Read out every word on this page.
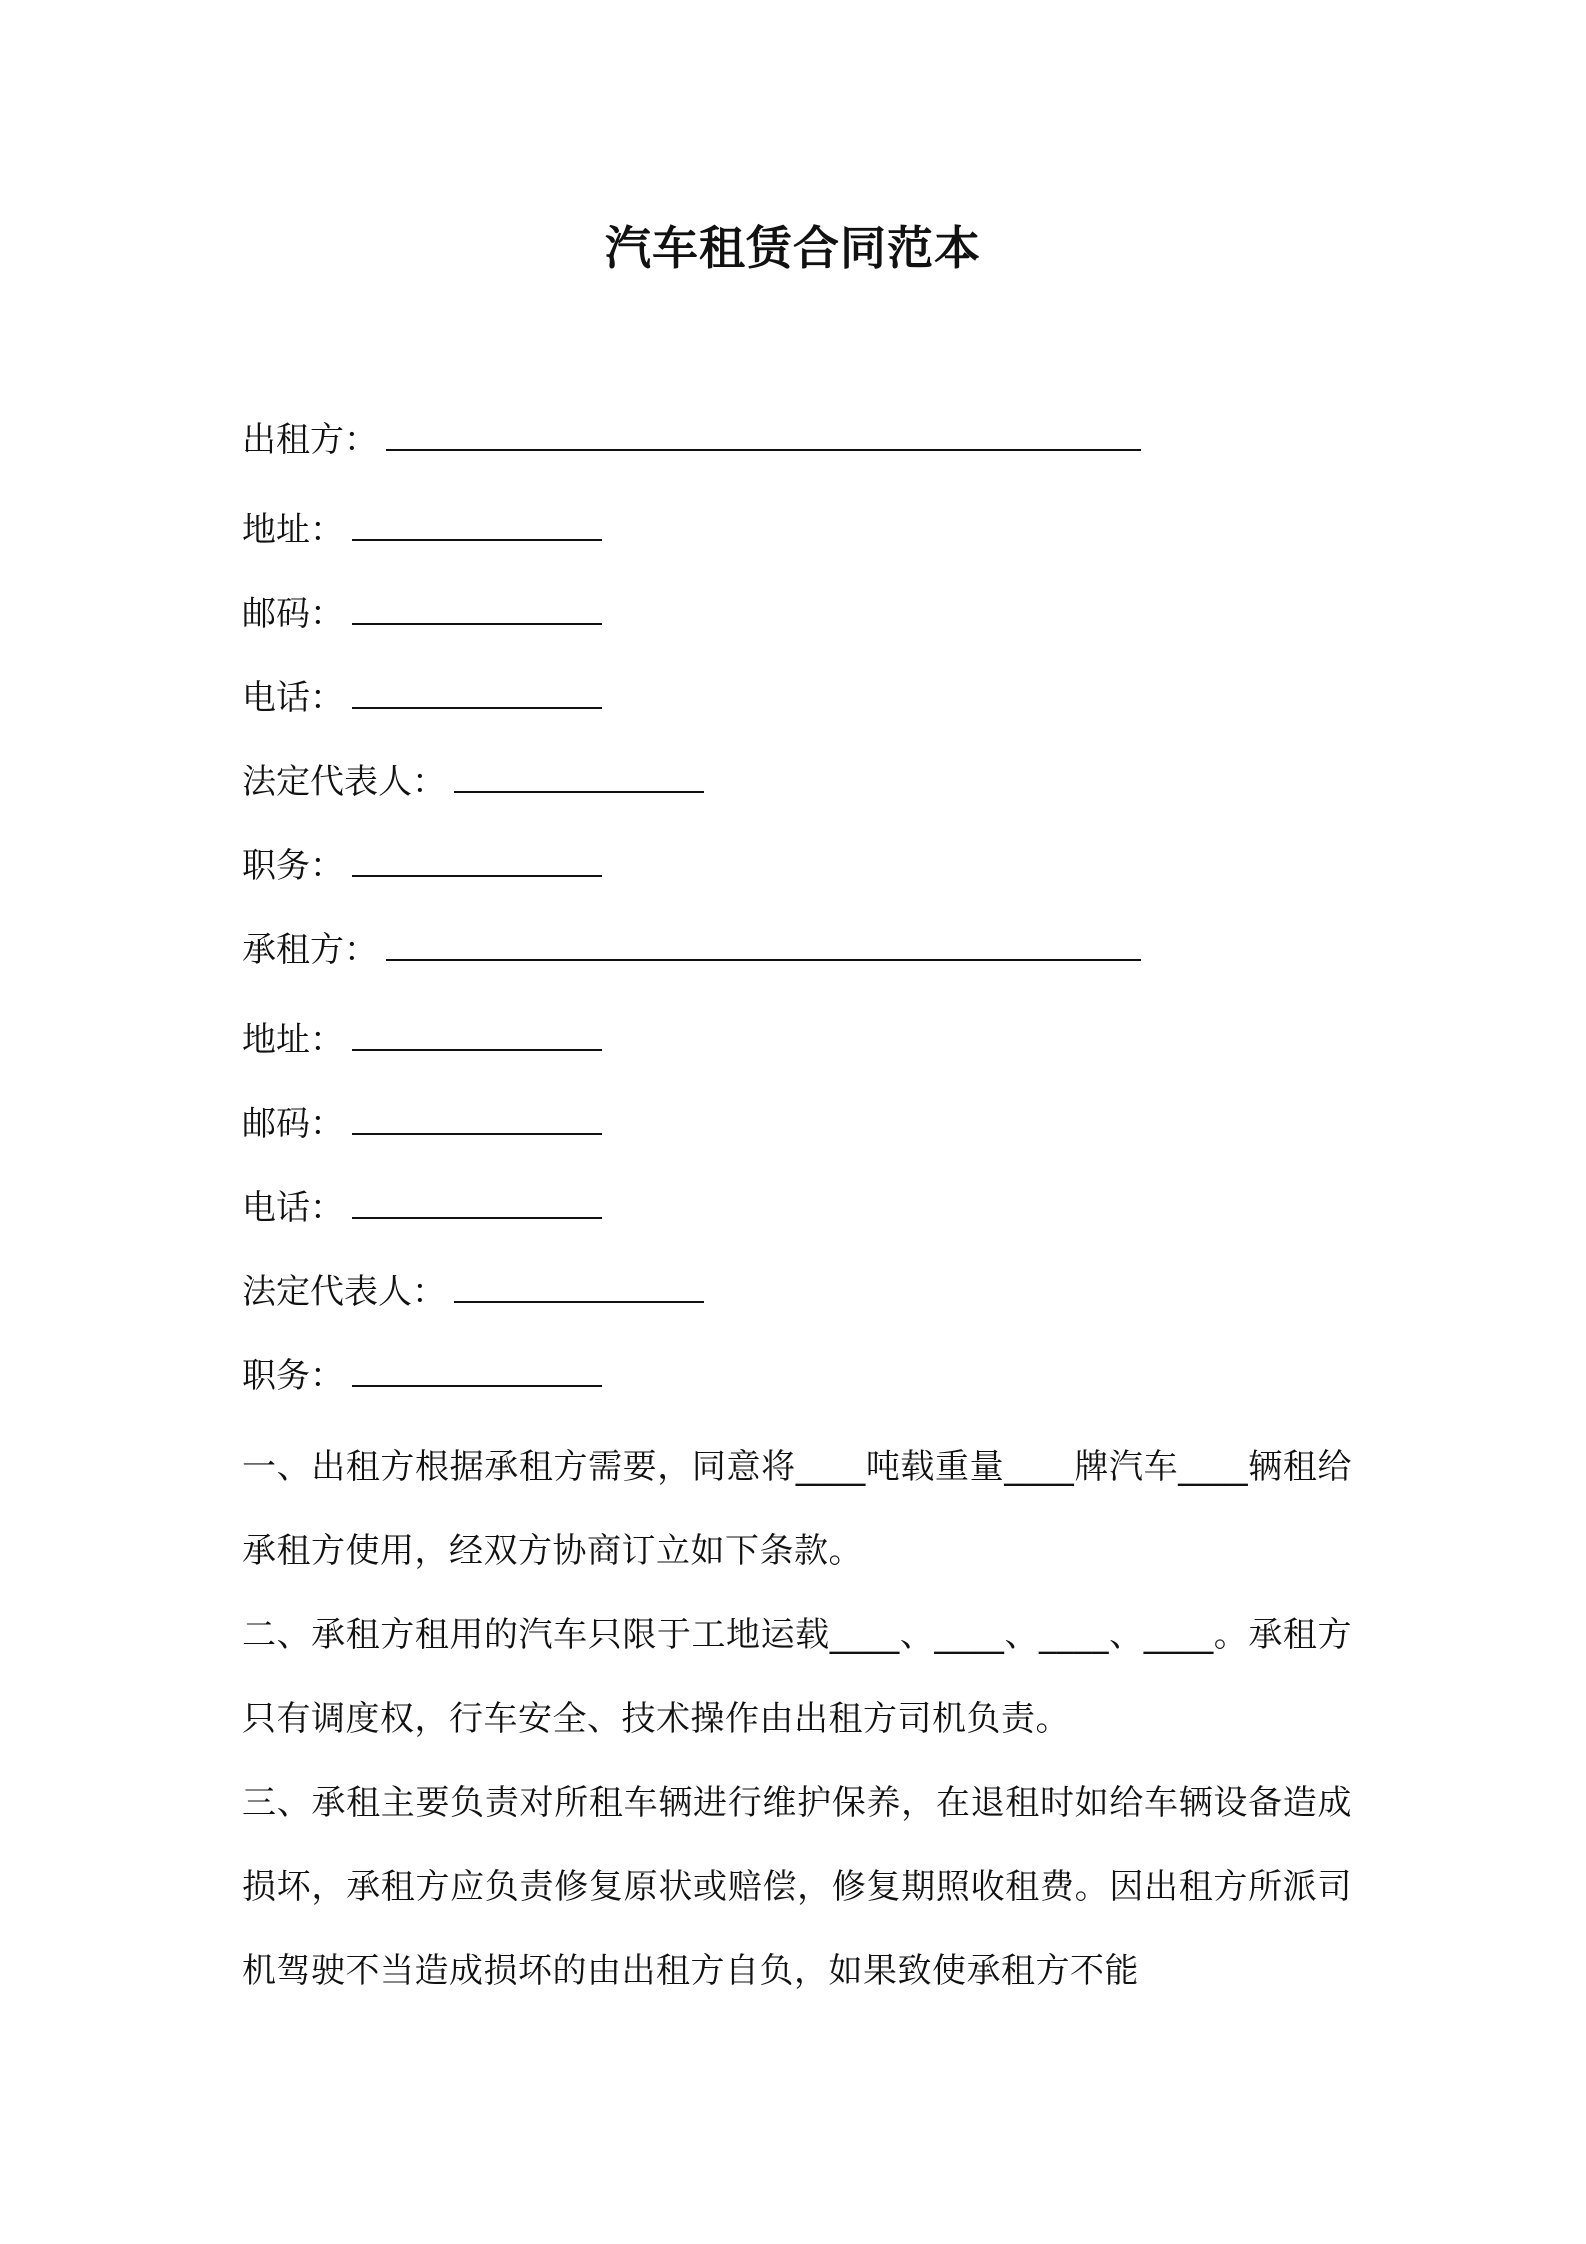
汽车租赁合同范本
出租方：
地址：
邮码：
电话：
法定代表人：
职务：
承租方：
地址：
邮码：
电话：
法定代表人：
职务：

一、出租方根据承租方需要，同意将____吨载重量____牌汽车____辆租给承租方使用，经双方协商订立如下条款。

二、承租方租用的汽车只限于工地运载____、____、____、____。承租方只有调度权，行车安全、技术操作由出租方司机负责。

三、承租主要负责对所租车辆进行维护保养，在退租时如给车辆设备造成损坏，承租方应负责修复原状或赔偿，修复期照收租费。因出租方所派司机驾驶不当造成损坏的由出租方自负，如果致使承租方不能
